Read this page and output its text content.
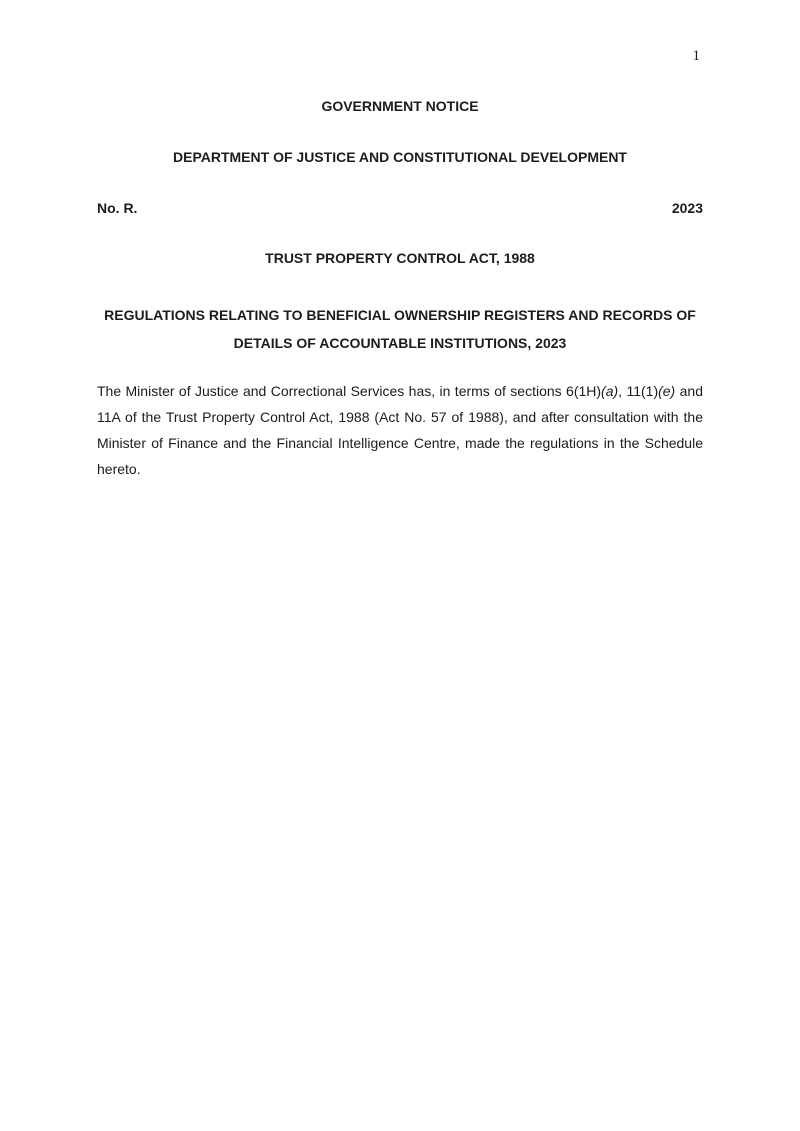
1
GOVERNMENT NOTICE
DEPARTMENT OF JUSTICE AND CONSTITUTIONAL DEVELOPMENT
No. R.	2023
TRUST PROPERTY CONTROL ACT, 1988
REGULATIONS RELATING TO BENEFICIAL OWNERSHIP REGISTERS AND RECORDS OF DETAILS OF ACCOUNTABLE INSTITUTIONS, 2023

The Minister of Justice and Correctional Services has, in terms of sections 6(1H)(a), 11(1)(e) and 11A of the Trust Property Control Act, 1988 (Act No. 57 of 1988), and after consultation with the Minister of Finance and the Financial Intelligence Centre, made the regulations in the Schedule hereto.
